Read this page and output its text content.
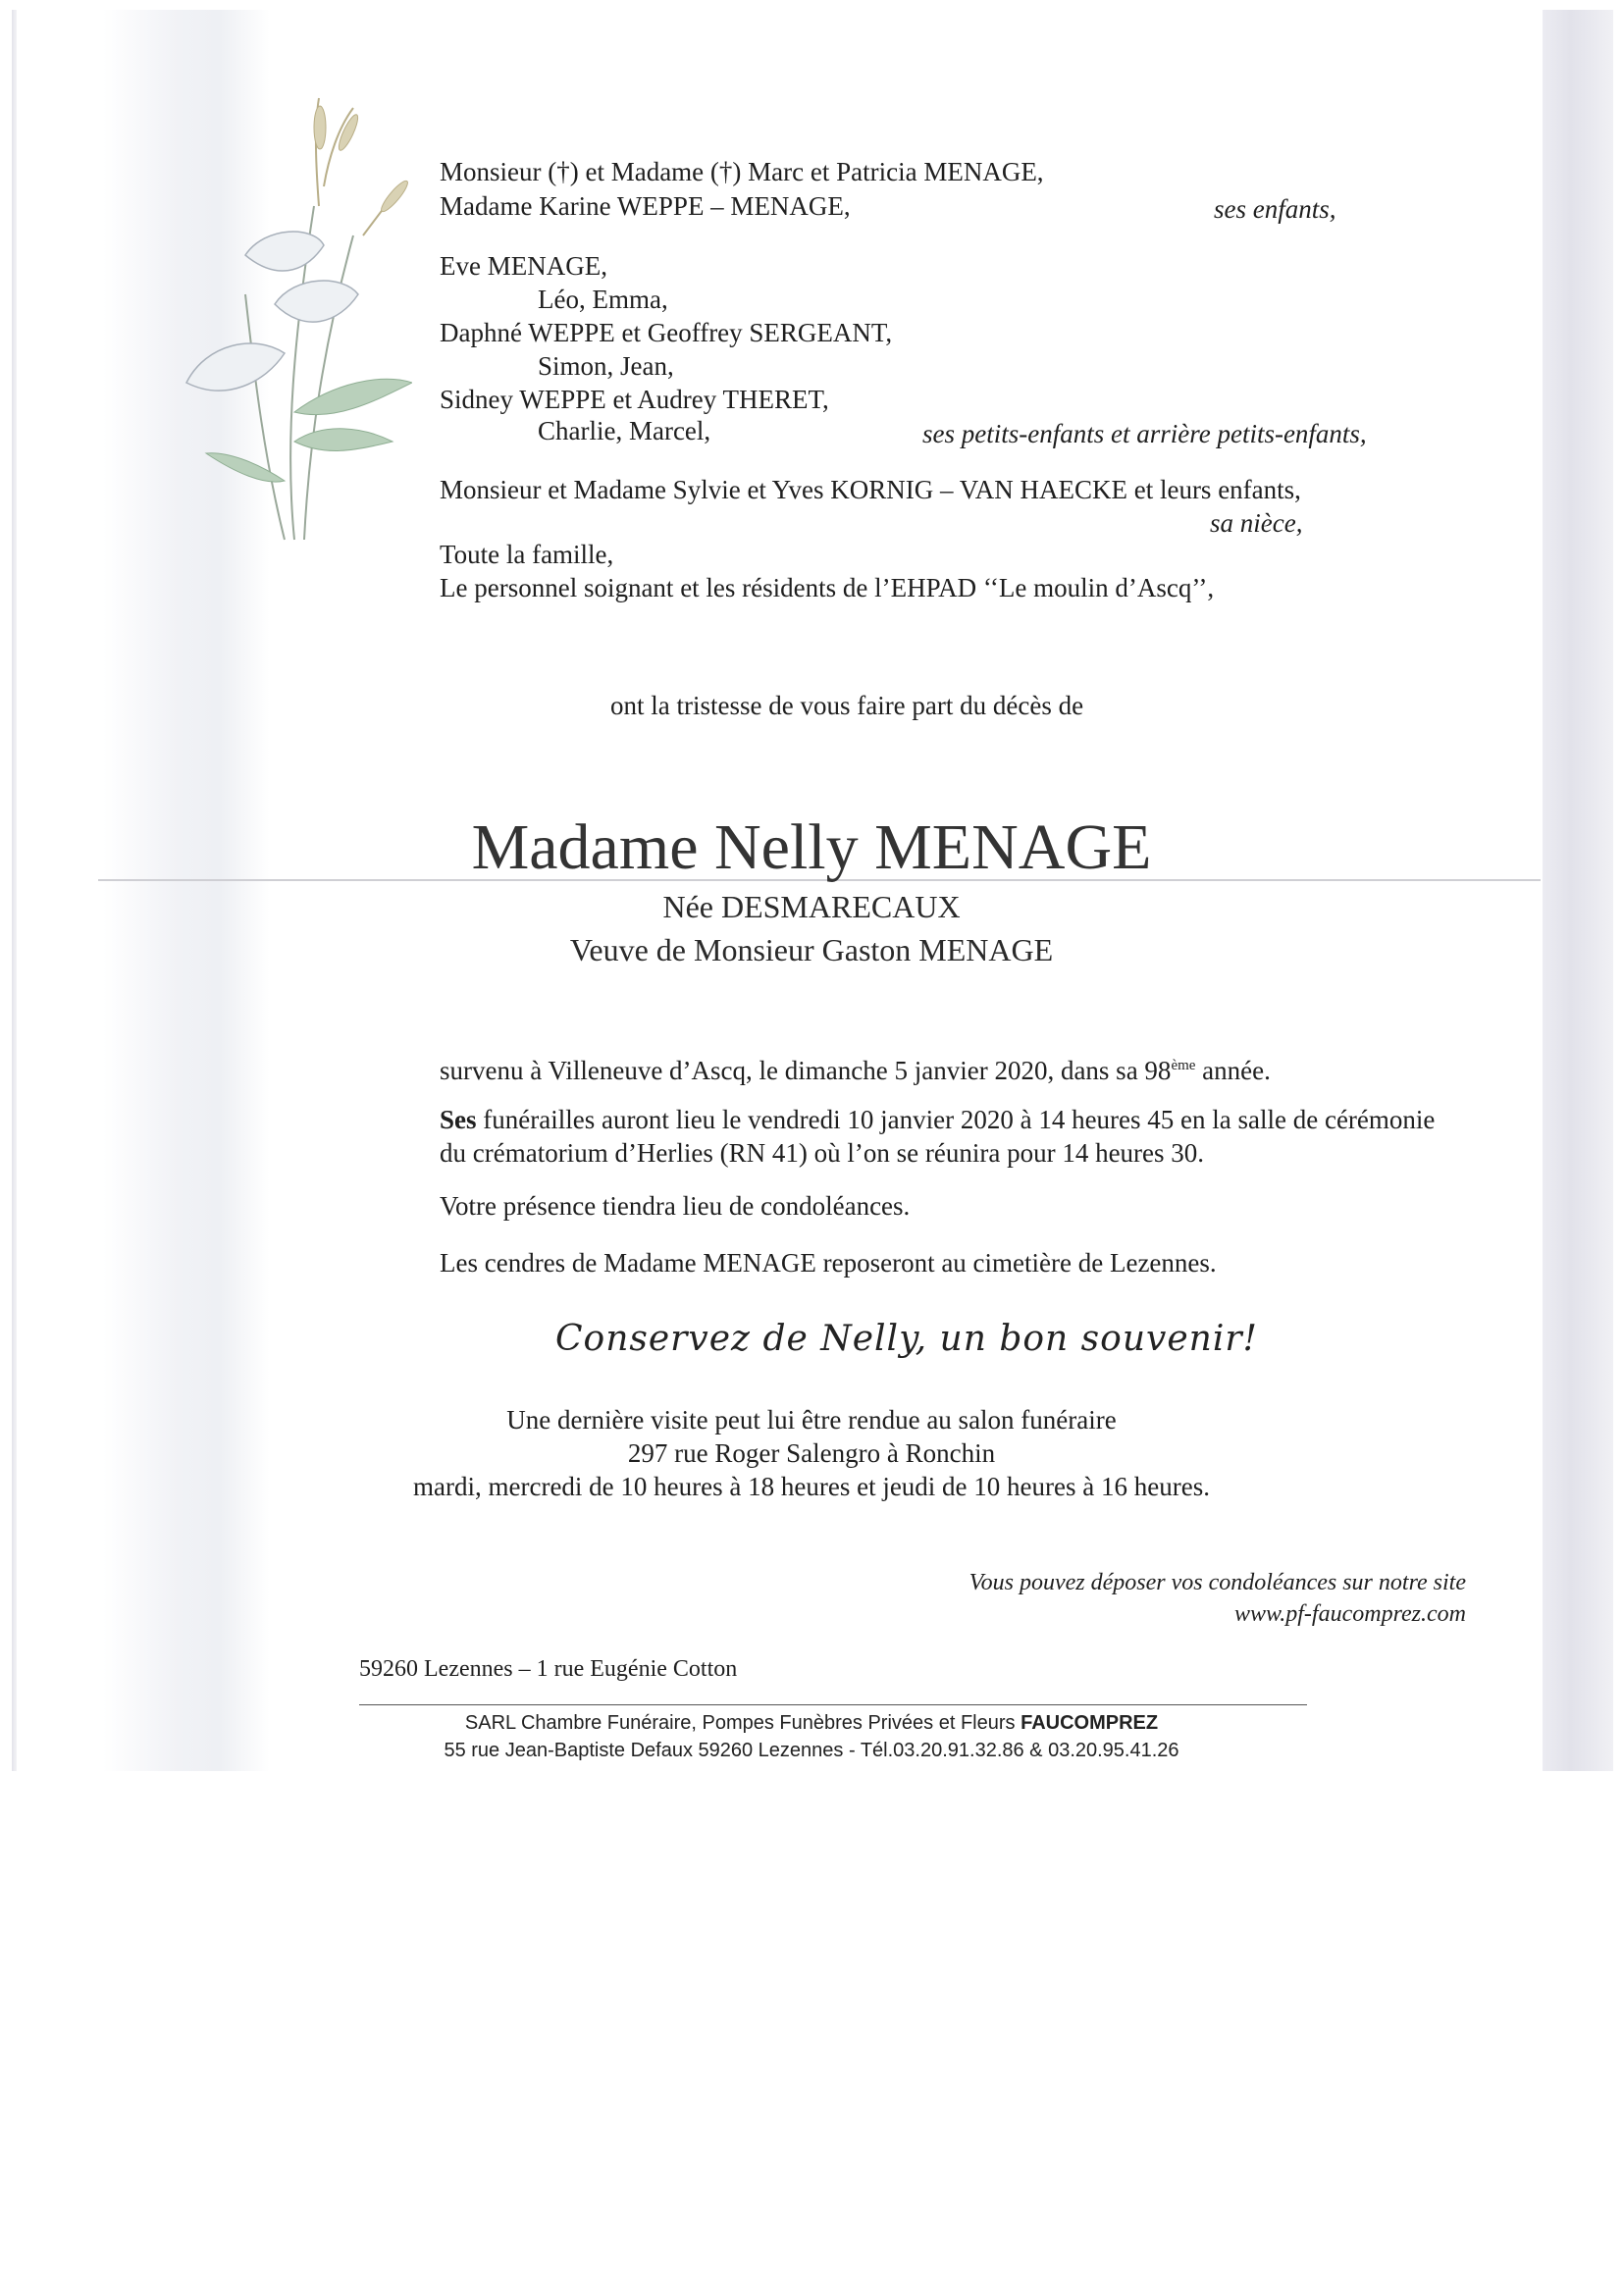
Monsieur (†) et Madame (†) Marc et Patricia MENAGE,

Madame Karine WEPPE – MENAGE,	ses enfants,

Eve MENAGE,

Léo, Emma,

Daphné WEPPE et Geoffrey SERGEANT,

Simon, Jean,

Sidney WEPPE et Audrey THERET,

Charlie, Marcel,	ses petits-enfants et arrière petits-enfants,

Monsieur et Madame Sylvie et Yves KORNIG – VAN HAECKE et leurs enfants,

sa nièce,

Toute la famille,

Le personnel soignant et les résidents de l’EHPAD ‘‘Le moulin d’Ascq’’,

ont la tristesse de vous faire part du décès de

Madame Nelly MENAGE

Née DESMARECAUX

Veuve de Monsieur Gaston MENAGE

survenu à Villeneuve d’Ascq, le dimanche 5 janvier 2020, dans sa 98ème année.

Ses funérailles auront lieu le vendredi 10 janvier 2020 à 14 heures 45 en la salle de cérémonie

du crématorium d’Herlies (RN 41) où l’on se réunira pour 14 heures 30.

Votre présence tiendra lieu de condoléances.

Les cendres de Madame MENAGE reposeront au cimetière de Lezennes.

Conservez de Nelly, un bon souvenir!

Une dernière visite peut lui être rendue au salon funéraire

297 rue Roger Salengro à Ronchin

mardi, mercredi de 10 heures à 18 heures et jeudi de 10 heures à 16 heures.

Vous pouvez déposer vos condoléances sur notre site

www.pf-faucomprez.com

59260 Lezennes – 1 rue Eugénie Cotton

SARL Chambre Funéraire, Pompes Funèbres Privées et Fleurs FAUCOMPREZ

55 rue Jean-Baptiste Defaux 59260 Lezennes - Tél.03.20.91.32.86 & 03.20.95.41.26
